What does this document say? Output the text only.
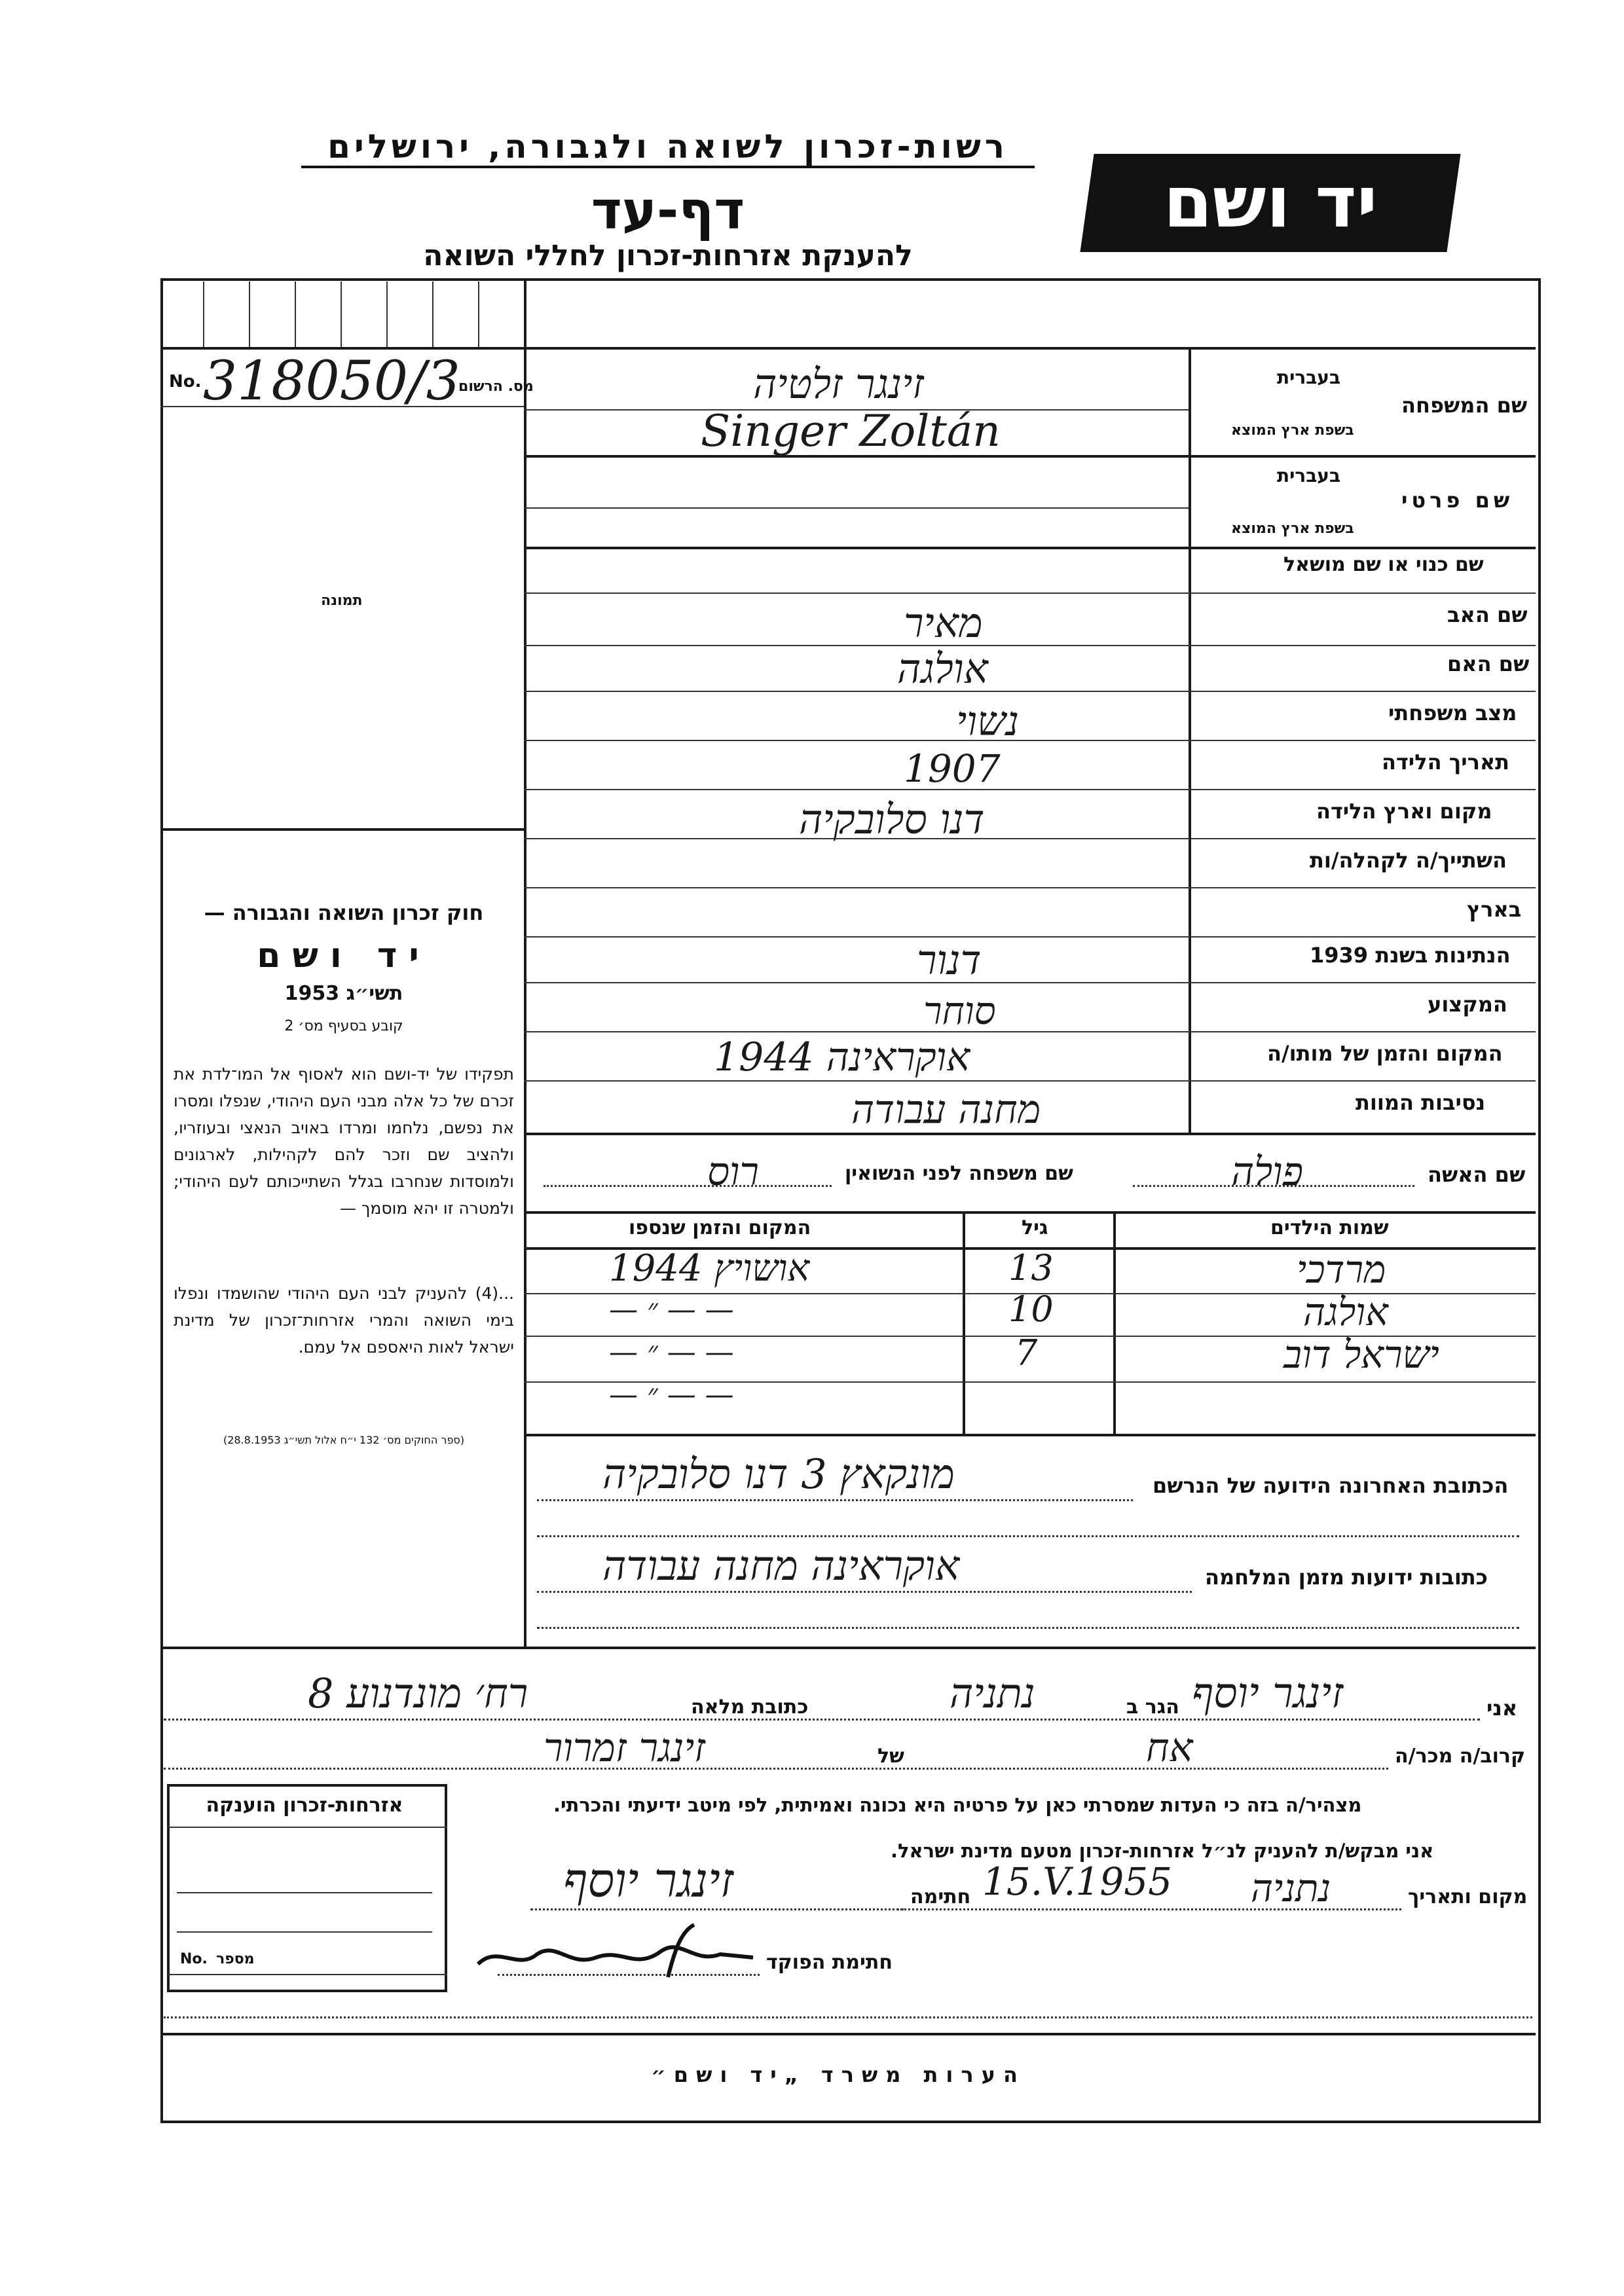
רשות-זכרון לשואה ולגבורה, ירושלים
דף-עד
להענקת אזרחות-זכרון לחללי השואה
יד ושם
No. 318050/3
מס. הרשום
תמונה
חוק זכרון השואה והגבורה —
יד ושם
תשי״ג 1953
קובע בסעיף מס׳ 2
תפקידו של יד-ושם הוא לאסוף אל המו־לדת את זכרם של כל אלה מבני העם היהודי, שנפלו ומסרו את נפשם, נלחמו ומרדו באויב הנאצי ובעוזריו, ולהציב שם וזכר להם לקהילות, לארגונים ולמוסדות שנחרבו בגלל השתייכותם לעם היהודי; ולמטרה זו יהא מוסמך —
...(4) להעניק לבני העם היהודי שהושמדו ונפלו בימי השואה והמרי אזרחות־זכרון של מדינת ישראל לאות היאספם אל עמם.
(ספר החוקים מס׳ 132 י״ח אלול תשי״ג 28.8.1953)
בעברית
שם המשפחה
בשפת ארץ המוצא
זינגר זלטיה
Singer Zoltán
בעברית
שם פרטי
בשפת ארץ המוצא
שם כנוי או שם מושאל
שם האב
מאיר
שם האם
אולגה
מצב משפחתי
נשוי
תאריך הלידה
1907
מקום וארץ הלידה
דנו סלובקיה
השתייך/ה לקהלה/ות
בארץ
הנתינות בשנת 1939
דנור
המקצוע
סוחר
המקום והזמן של מותו/ה
אוקראינה 1944
נסיבות המוות
מחנה עבודה
שם האשה
פולה
שם משפחה לפני הנשואין
רוס
שמות הילדים
גיל
המקום והזמן שנספו
מרדכי
13
אושויץ 1944
אולגה
10
— — ״ —
ישראל דוב
7
— — ״ —
— — ״ —
הכתובת האחרונה הידועה של הנרשם
מונקאץ 3 דנו סלובקיה
כתובות ידועות מזמן המלחמה
אוקראינה מחנה עבודה
אני
זינגר יוסף
הגר ב
נתניה
כתובת מלאה
רח׳ מונדנוע 8
קרוב/ה מכר/ה
אח
של
זינגר זמרור
מצהיר/ה בזה כי העדות שמסרתי כאן על פרטיה היא נכונה ואמיתית, לפי מיטב ידיעתי והכרתי.
אני מבקש/ת להעניק לנ״ל אזרחות-זכרון מטעם מדינת ישראל.
מקום ותאריך
נתניה
15.V.1955
חתימה
זינגר יוסף
חתימת הפוקד
אזרחות-זכרון הוענקה
No. מספר
הערות משרד „יד ושם״
